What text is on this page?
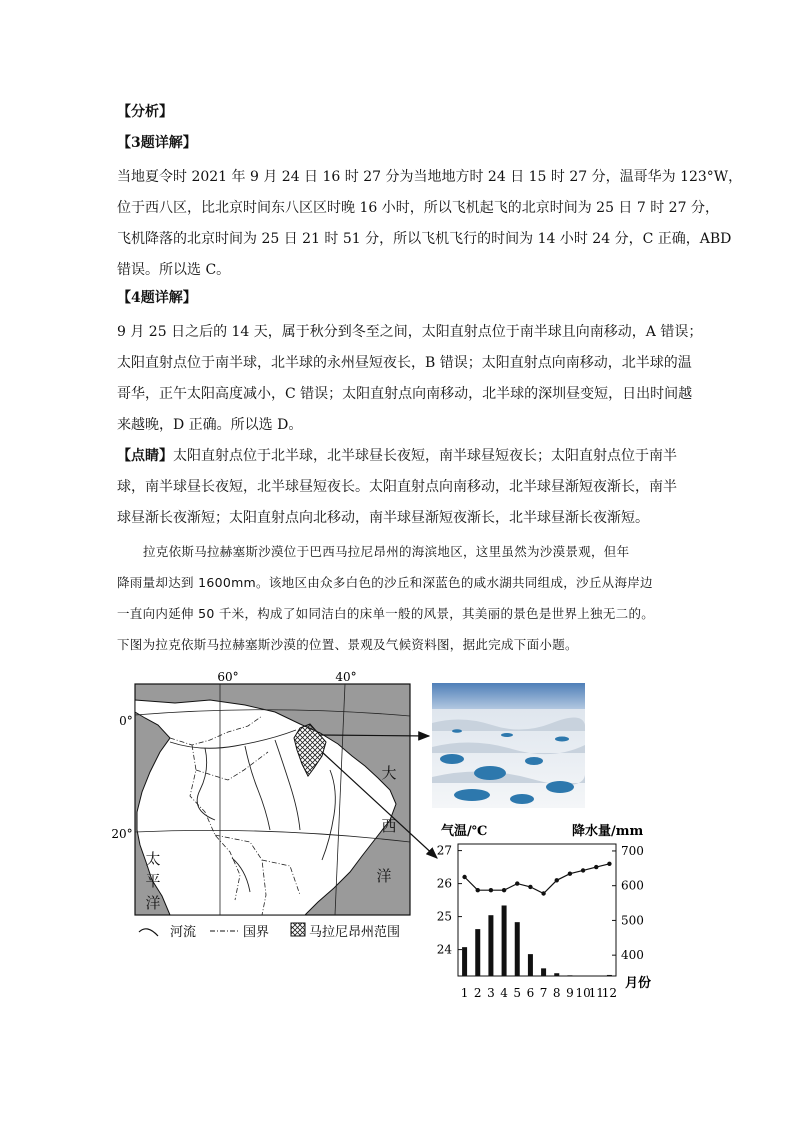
【分析】
【3题详解】
当地夏令时 2021 年 9 月 24 日 16 时 27 分为当地地方时 24 日 15 时 27 分，温哥华为 123°W，
位于西八区，比北京时间东八区区时晚 16 小时，所以飞机起飞的北京时间为 25 日 7 时 27 分，
飞机降落的北京时间为 25 日 21 时 51 分，所以飞机飞行的时间为 14 小时 24 分，C 正确，ABD
错误。所以选 C。
【4题详解】
9 月 25 日之后的 14 天，属于秋分到冬至之间，太阳直射点位于南半球且向南移动，A 错误；
太阳直射点位于南半球，北半球的永州昼短夜长，B 错误；太阳直射点向南移动，北半球的温
哥华，正午太阳高度减小，C 错误；太阳直射点向南移动，北半球的深圳昼变短，日出时间越
来越晚，D 正确。所以选 D。
【点睛】太阳直射点位于北半球，北半球昼长夜短，南半球昼短夜长；太阳直射点位于南半
球，南半球昼长夜短，北半球昼短夜长。太阳直射点向南移动，北半球昼渐短夜渐长，南半
球昼渐长夜渐短；太阳直射点向北移动，南半球昼渐短夜渐长，北半球昼渐长夜渐短。
拉克依斯马拉赫塞斯沙漠位于巴西马拉尼昂州的海滨地区，这里虽然为沙漠景观，但年
降雨量却达到 1600mm。该地区由众多白色的沙丘和深蓝色的咸水湖共同组成，沙丘从海岸边
一直向内延伸 50 千米，构成了如同洁白的床单一般的风景，其美丽的景色是世界上独无二的。
下图为拉克依斯马拉赫塞斯沙漠的位置、景观及气候资料图，据此完成下面小题。
60°	40°
0°
20°
大
西
洋
太
平
洋
河流	国界	马拉尼昂州范围
气温/℃	降水量/mm
月份
24
25
26
27
400
500
600
700
1 2 3 4 5 6 7 8 9 10
11
12
